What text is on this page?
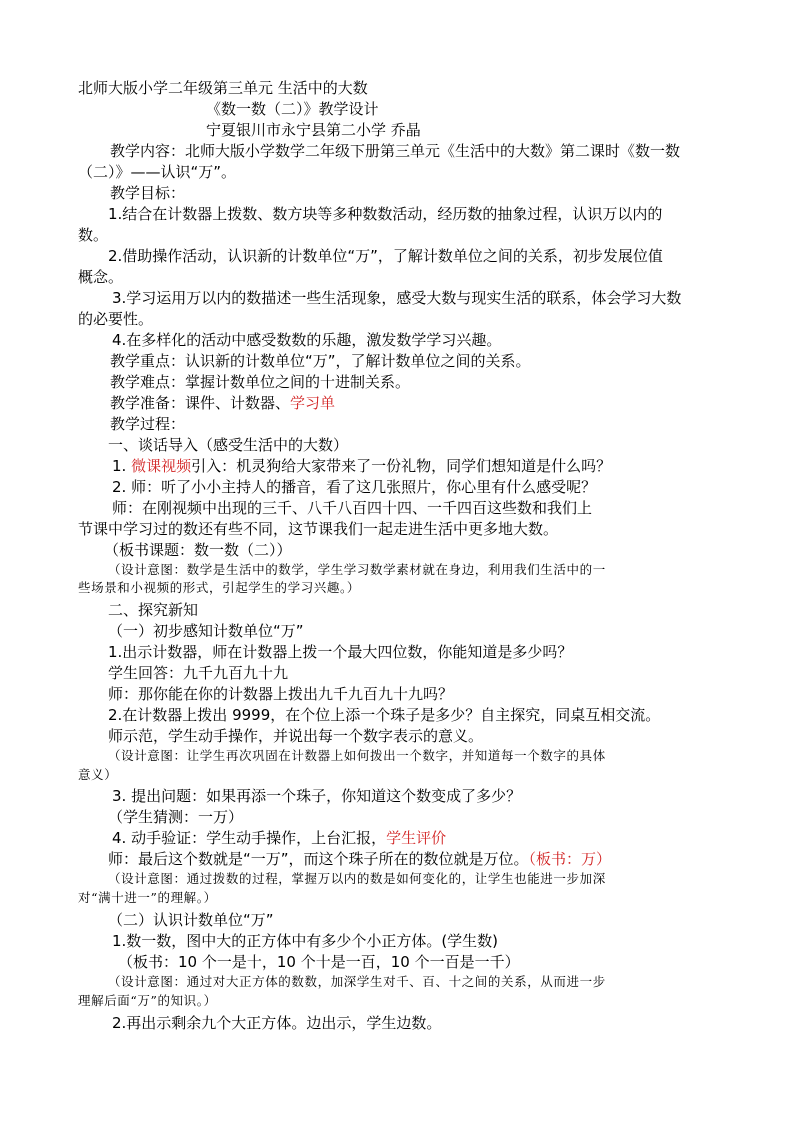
北师大版小学二年级第三单元 生活中的大数
《数一数（二）》教学设计
宁夏银川市永宁县第二小学 乔晶
教学内容：北师大版小学数学二年级下册第三单元《生活中的大数》第二课时《数一数
（二）》——认识“万”。
教学目标：
1.结合在计数器上拨数、数方块等多种数数活动，经历数的抽象过程，认识万以内的
数。
2.借助操作活动，认识新的计数单位“万”，了解计数单位之间的关系，初步发展位值
概念。
3.学习运用万以内的数描述一些生活现象，感受大数与现实生活的联系，体会学习大数
的必要性。
4.在多样化的活动中感受数数的乐趣，激发数学学习兴趣。
教学重点：认识新的计数单位“万”，了解计数单位之间的关系。
教学难点：掌握计数单位之间的十进制关系。
教学准备：课件、计数器、学习单
教学过程：
一、谈话导入（感受生活中的大数）
1. 微课视频引入：机灵狗给大家带来了一份礼物，同学们想知道是什么吗？
2. 师：听了小小主持人的播音，看了这几张照片，你心里有什么感受呢？
师：在刚视频中出现的三千、八千八百四十四、一千四百这些数和我们上
节课中学习过的数还有些不同，这节课我们一起走进生活中更多地大数。
（板书课题：数一数（二））
（设计意图：数学是生活中的数学，学生学习数学素材就在身边，利用我们生活中的一
些场景和小视频的形式，引起学生的学习兴趣。）
二、探究新知
（一）初步感知计数单位“万”
1.出示计数器，师在计数器上拨一个最大四位数，你能知道是多少吗？
学生回答：九千九百九十九
师：那你能在你的计数器上拨出九千九百九十九吗？
2.在计数器上拨出 9999，在个位上添一个珠子是多少？自主探究，同桌互相交流。
师示范，学生动手操作，并说出每一个数字表示的意义。
（设计意图：让学生再次巩固在计数器上如何拨出一个数字，并知道每一个数字的具体
意义）
3. 提出问题：如果再添一个珠子，你知道这个数变成了多少？
（学生猜测：一万）
4. 动手验证：学生动手操作，上台汇报，学生评价
师：最后这个数就是“一万”，而这个珠子所在的数位就是万位。（板书：万）
（设计意图：通过拨数的过程，掌握万以内的数是如何变化的，让学生也能进一步加深
对“满十进一”的理解。）
（二）认识计数单位“万”
1.数一数，图中大的正方体中有多少个小正方体。(学生数)
（板书：10 个一是十，10 个十是一百，10 个一百是一千）
（设计意图：通过对大正方体的数数，加深学生对千、百、十之间的关系，从而进一步
理解后面“万”的知识。）
2.再出示剩余九个大正方体。边出示，学生边数。
